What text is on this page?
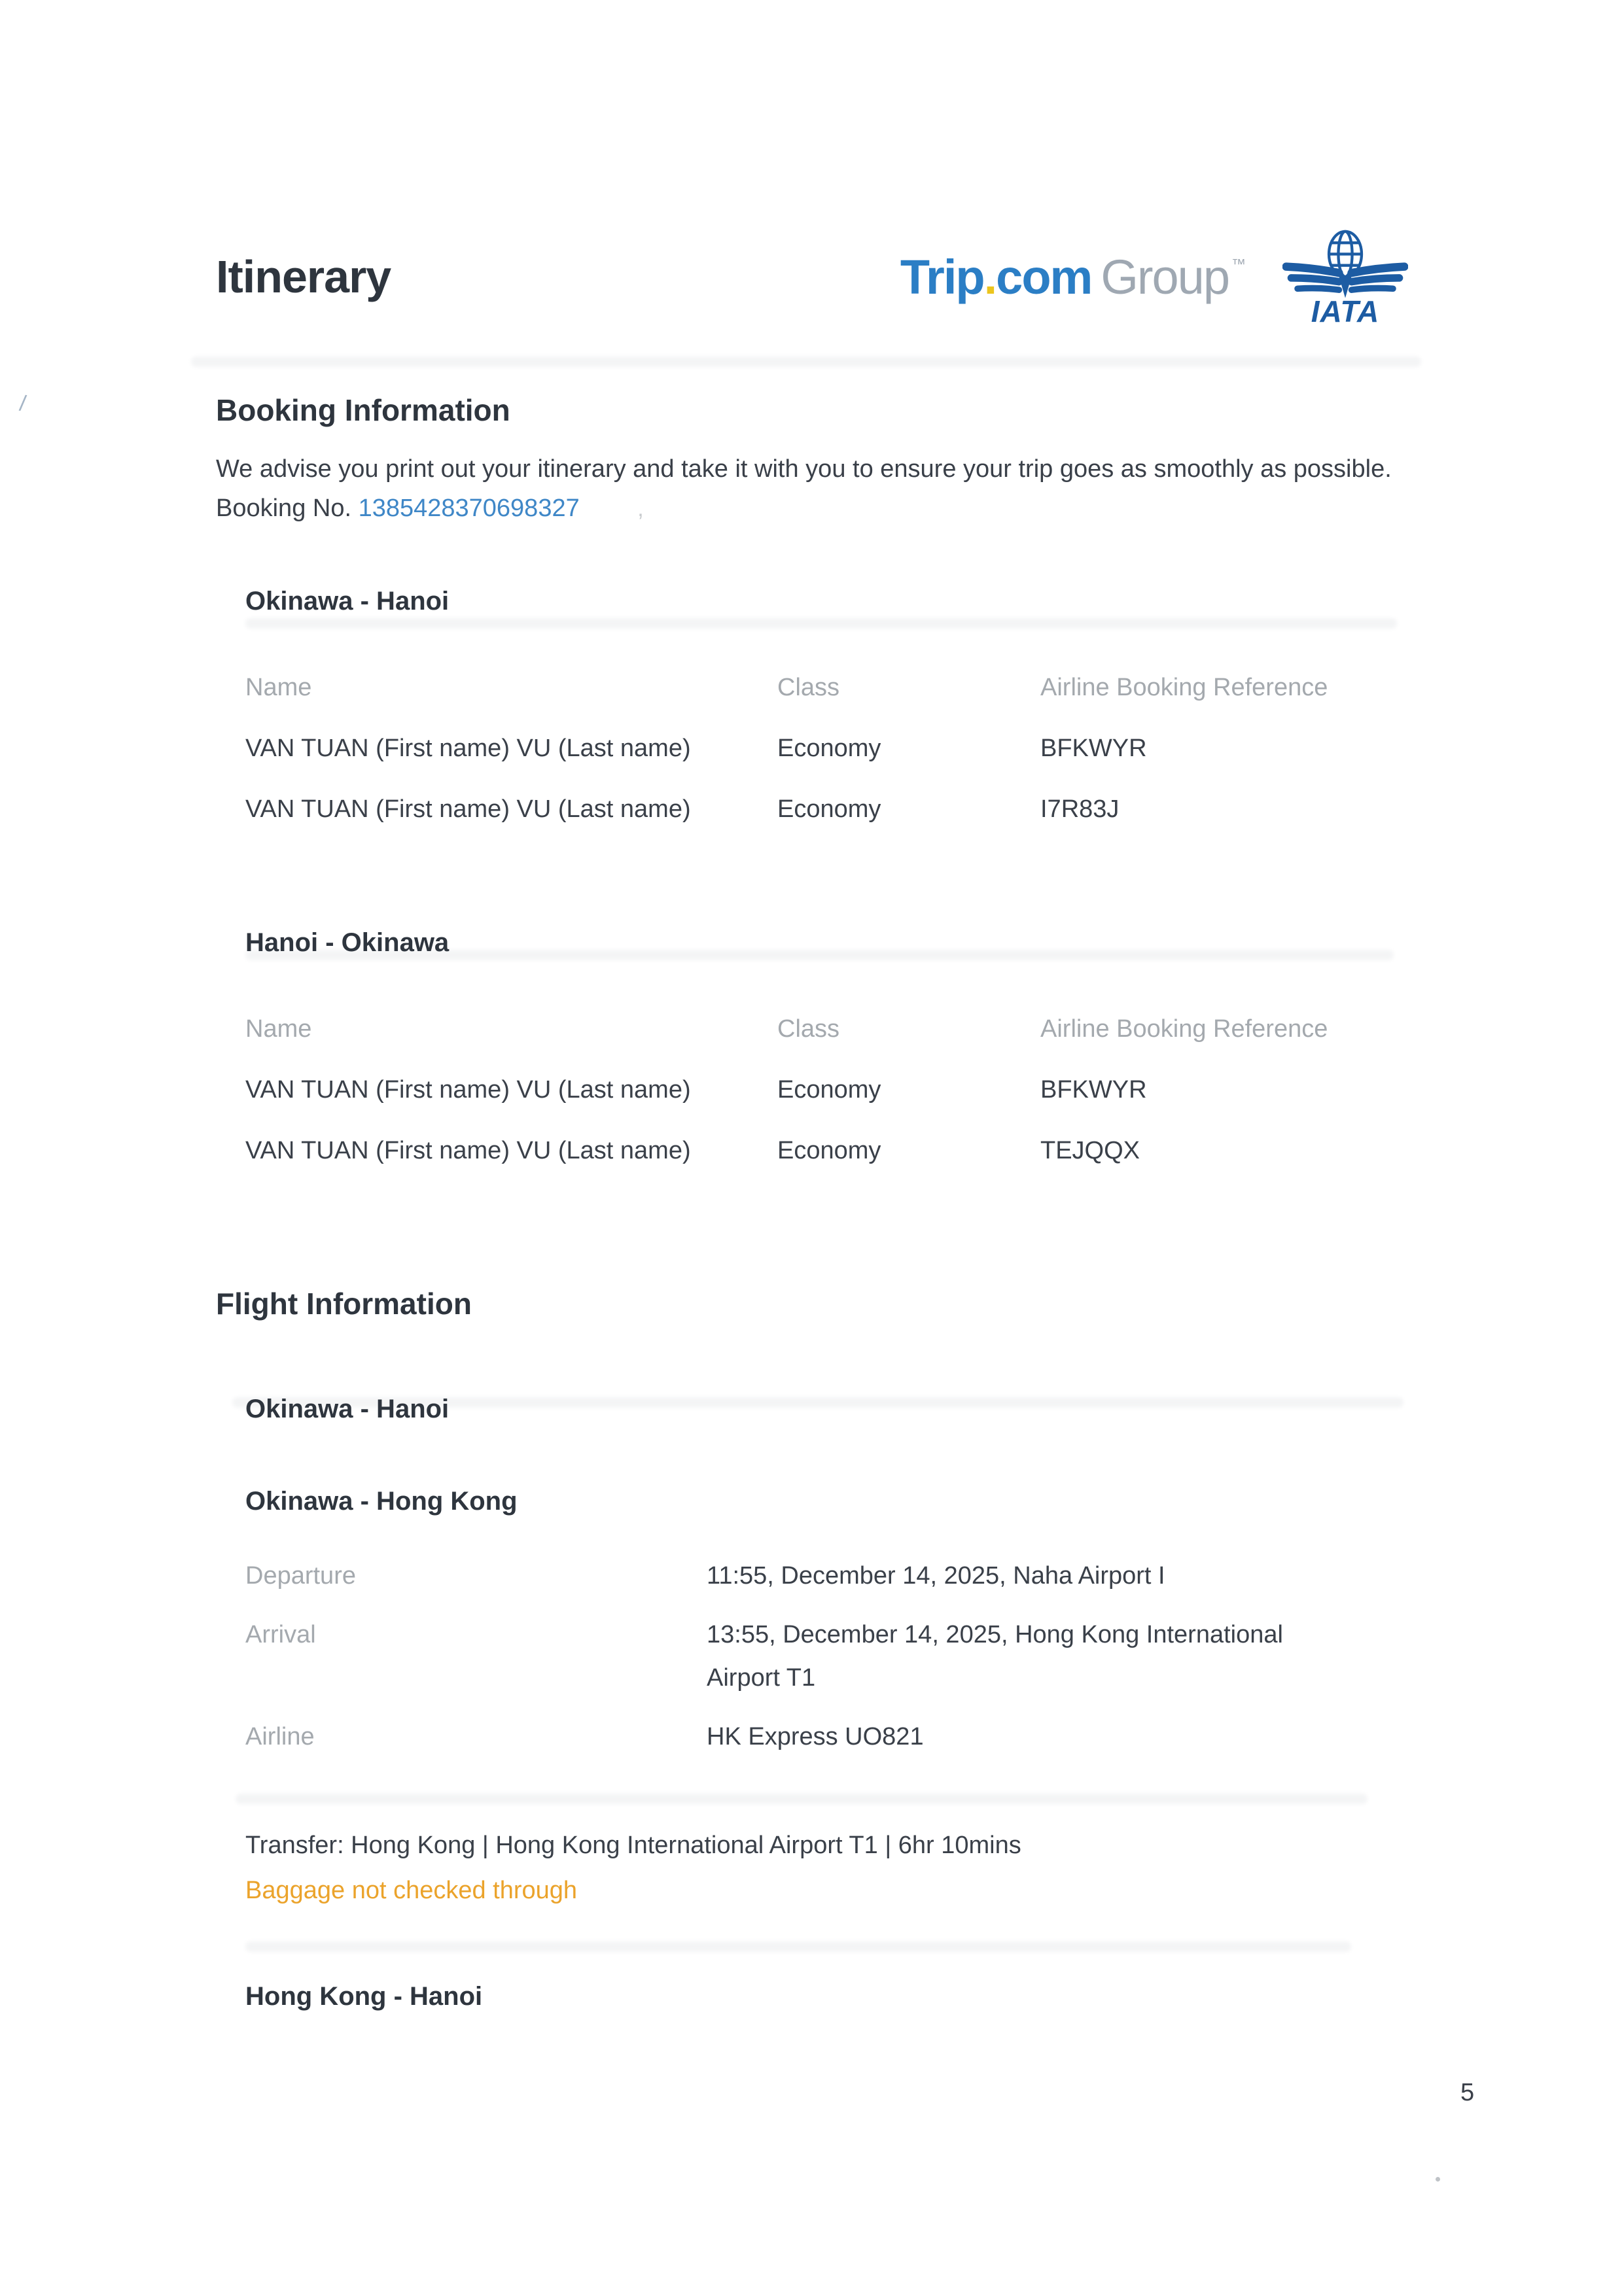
/
Itinerary	Trip.com Group ™
IATA
Booking Information

We advise you print out your itinerary and take it with you to ensure your trip goes as smoothly as possible.

Booking No. 1385428370698327	,
Okinawa - Hanoi
Name	Class	Airline Booking Reference
VAN TUAN (First name) VU (Last name)	Economy	BFKWYR
VAN TUAN (First name) VU (Last name)	Economy	I7R83J
Hanoi - Okinawa
Name	Class	Airline Booking Reference
VAN TUAN (First name) VU (Last name)	Economy	BFKWYR
VAN TUAN (First name) VU (Last name)	Economy	TEJQQX
Flight Information
Okinawa - Hanoi
Okinawa - Hong Kong
Departure	11:55, December 14, 2025, Naha Airport I
Arrival	13:55, December 14, 2025, Hong Kong International Airport T1
Airline	HK Express UO821
Transfer: Hong Kong | Hong Kong International Airport T1 | 6hr 10mins
Baggage not checked through
Hong Kong - Hanoi
5
